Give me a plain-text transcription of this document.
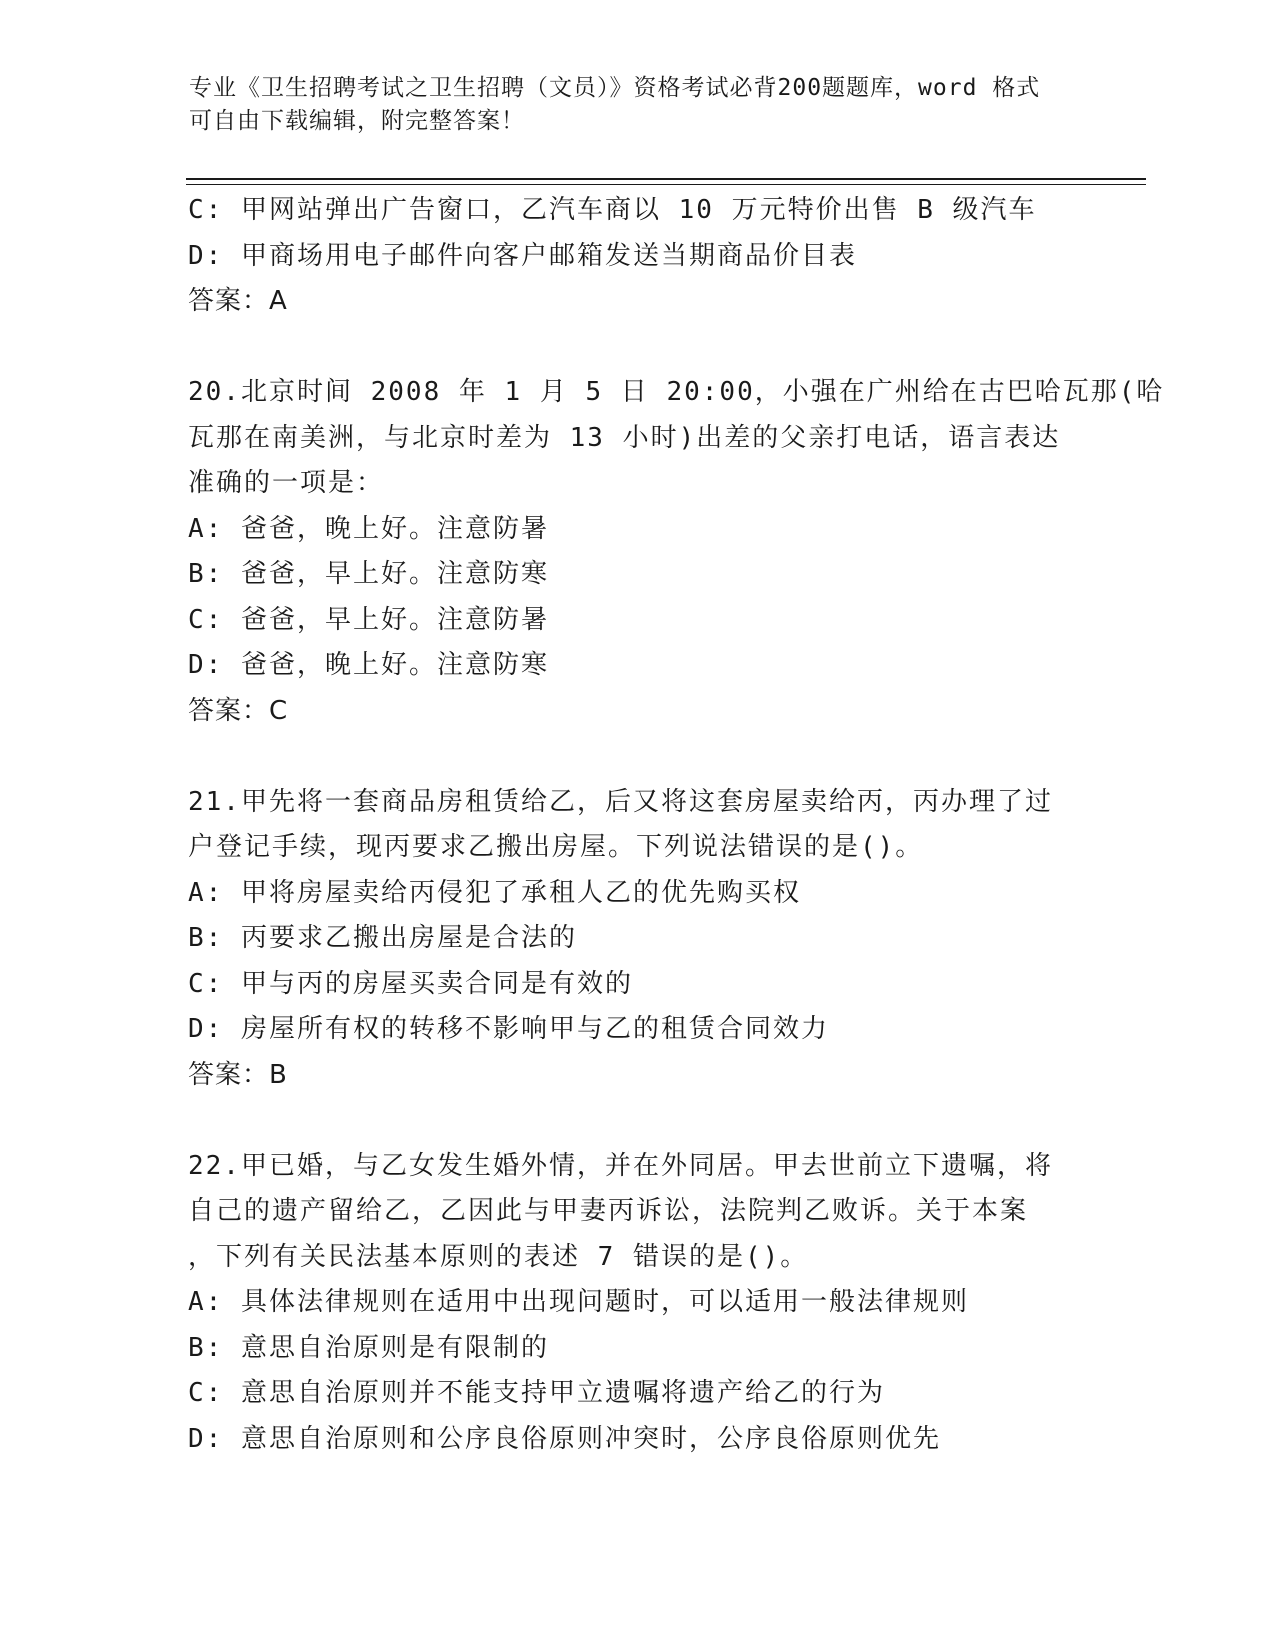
专业《卫生招聘考试之卫生招聘（文员）》资格考试必背200题题库，word 格式
可自由下载编辑，附完整答案！
C: 甲网站弹出广告窗口，乙汽车商以 10 万元特价出售 B 级汽车
D: 甲商场用电子邮件向客户邮箱发送当期商品价目表
答案：A
20.北京时间 2008 年 1 月 5 日 20:00，小强在广州给在古巴哈瓦那(哈
瓦那在南美洲，与北京时差为 13 小时)出差的父亲打电话，语言表达
准确的一项是：
A: 爸爸，晚上好。注意防暑
B: 爸爸，早上好。注意防寒
C: 爸爸，早上好。注意防暑
D: 爸爸，晚上好。注意防寒
答案：C
21.甲先将一套商品房租赁给乙，后又将这套房屋卖给丙，丙办理了过
户登记手续，现丙要求乙搬出房屋。下列说法错误的是()。
A: 甲将房屋卖给丙侵犯了承租人乙的优先购买权
B: 丙要求乙搬出房屋是合法的
C: 甲与丙的房屋买卖合同是有效的
D: 房屋所有权的转移不影响甲与乙的租赁合同效力
答案：B
22.甲已婚，与乙女发生婚外情，并在外同居。甲去世前立下遗嘱，将
自己的遗产留给乙，乙因此与甲妻丙诉讼，法院判乙败诉。关于本案
，下列有关民法基本原则的表述 7 错误的是()。
A: 具体法律规则在适用中出现问题时，可以适用一般法律规则
B: 意思自治原则是有限制的
C: 意思自治原则并不能支持甲立遗嘱将遗产给乙的行为
D: 意思自治原则和公序良俗原则冲突时，公序良俗原则优先
